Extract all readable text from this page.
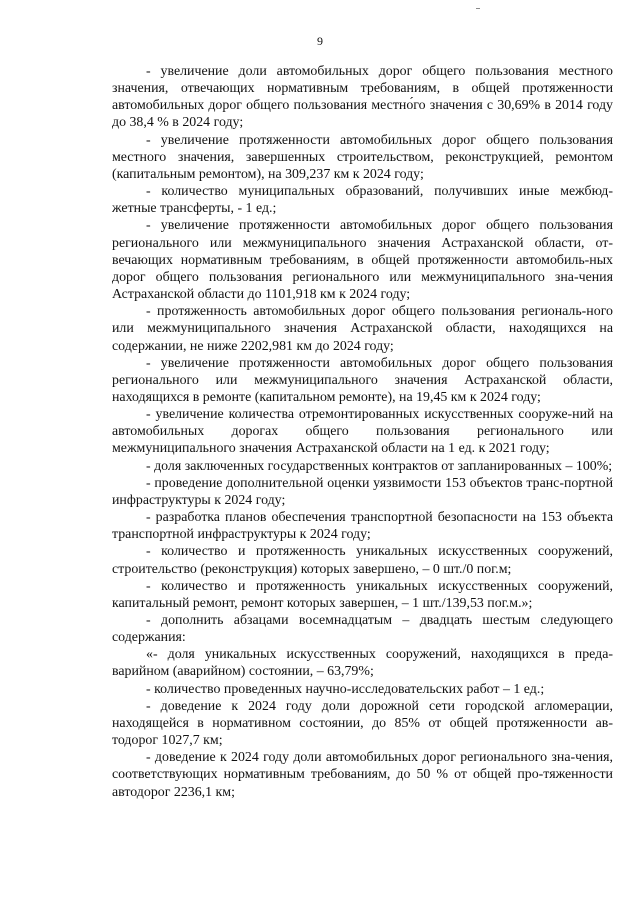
9

- увеличение доли автомобильных дорог общего пользования местного значения, отвечающих нормативным требованиям, в общей протяженности автомобильных дорог общего пользования местно́го значения с 30,69% в 2014 году до 38,4 % в 2024 году;

- увеличение протяженности автомобильных дорог общего пользования местного значения, завершенных строительством, реконструкцией, ремонтом (капитальным ремонтом), на 309,237 км к 2024 году;

- количество муниципальных образований, получивших иные межбюд-жетные трансферты, - 1 ед.;

- увеличение протяженности автомобильных дорог общего пользования регионального или межмуниципального значения Астраханской области, от-вечающих нормативным требованиям, в общей протяженности автомобиль-ных дорог общего пользования регионального или межмуниципального зна-чения Астраханской области до 1101,918 км к 2024 году;

- протяженность автомобильных дорог общего пользования региональ-ного или межмуниципального значения Астраханской области, находящихся на содержании, не ниже 2202,981 км до 2024 году;

- увеличение протяженности автомобильных дорог общего пользования регионального или межмуниципального значения Астраханской области, находящихся в ремонте (капитальном ремонте), на 19,45 км к 2024 году;

- увеличение количества отремонтированных искусственных сооруже-ний на автомобильных дорогах общего пользования регионального или межмуниципального значения Астраханской области на 1 ед. к 2021 году;

- доля заключенных государственных контрактов от запланированных – 100%;

- проведение дополнительной оценки уязвимости 153 объектов транс-портной инфраструктуры к 2024 году;

- разработка планов обеспечения транспортной безопасности на 153 объекта транспортной инфраструктуры к 2024 году;

- количество и протяженность уникальных искусственных сооружений, строительство (реконструкция) которых завершено, – 0 шт./0 пог.м;

- количество и протяженность уникальных искусственных сооружений, капитальный ремонт, ремонт которых завершен, – 1 шт./139,53 пог.м.»;

- дополнить абзацами восемнадцатым – двадцать шестым следующего содержания:

«- доля уникальных искусственных сооружений, находящихся в преда-варийном (аварийном) состоянии, – 63,79%;

- количество проведенных научно-исследовательских работ – 1 ед.;

- доведение к 2024 году доли дорожной сети городской агломерации, находящейся в нормативном состоянии, до 85% от общей протяженности ав-тодорог 1027,7 км;

- доведение к 2024 году доли автомобильных дорог регионального зна-чения, соответствующих нормативным требованиям, до 50 % от общей про-тяженности автодорог 2236,1 км;
